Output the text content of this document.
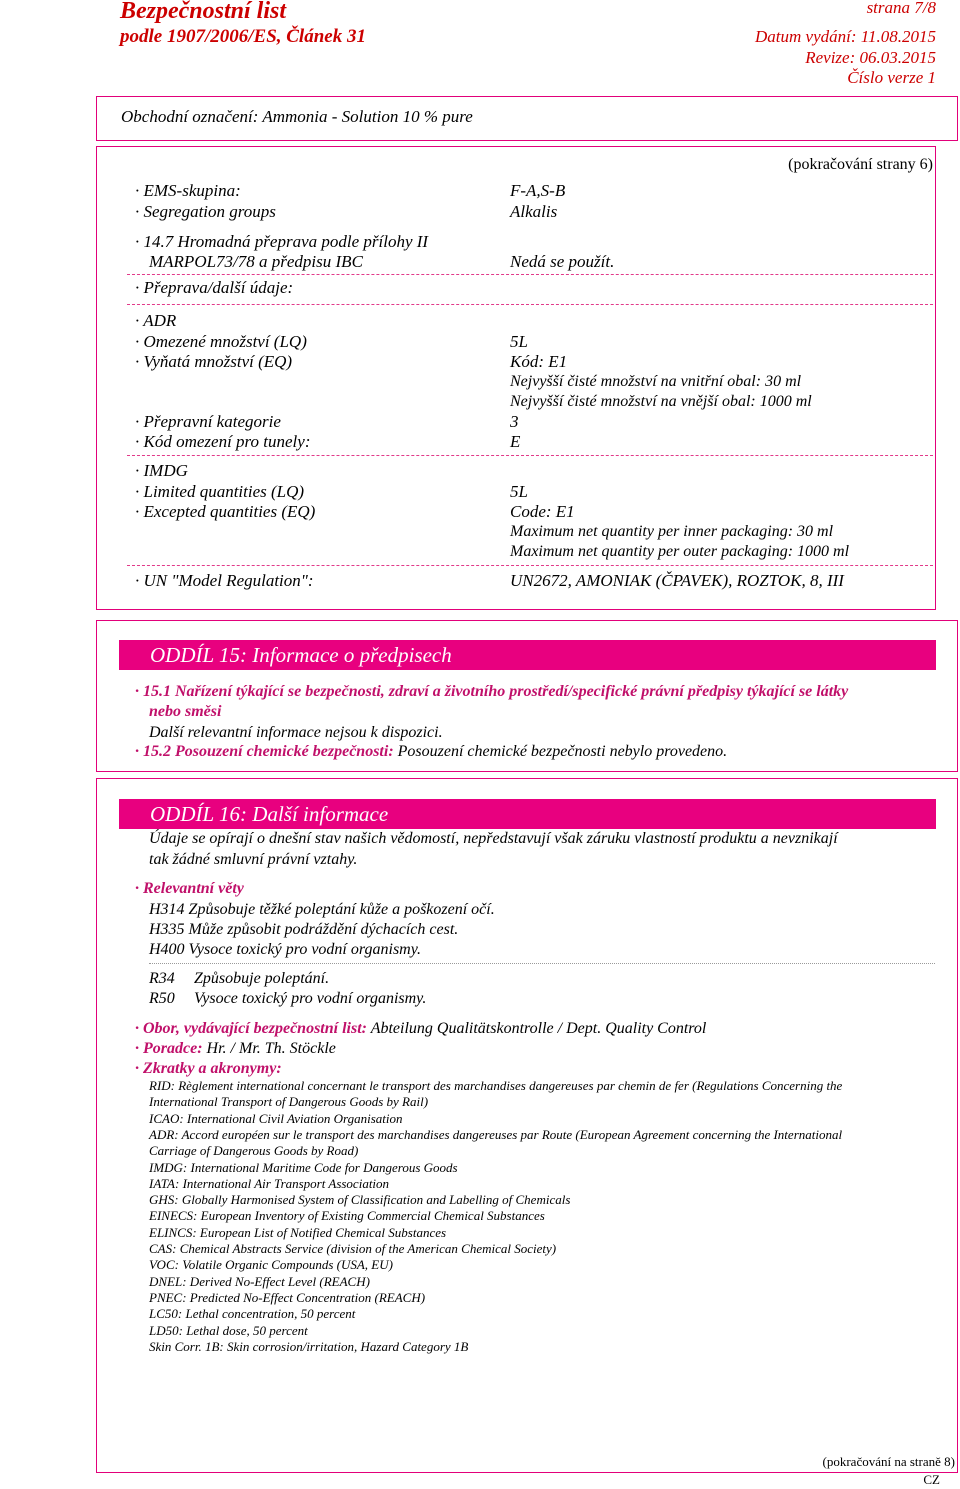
Bezpečnostní list
podle 1907/2006/ES, Článek 31
strana 7/8
Datum vydání: 11.08.2015
Revize: 06.03.2015
Číslo verze 1
Obchodní označení: Ammonia - Solution 10 % pure
(pokračování strany 6)
· EMS-skupina:	F-A,S-B
· Segregation groups	Alkalis
· 14.7 Hromadná přeprava podle přílohy II
MARPOL73/78 a předpisu IBC	Nedá se použít.
· Přeprava/další údaje:
· ADR
· Omezené množství (LQ)	5L
· Vyňatá množství (EQ)	Kód: E1
Nejvyšší čisté množství na vnitřní obal: 30 ml
Nejvyšší čisté množství na vnější obal: 1000 ml
· Přepravní kategorie	3
· Kód omezení pro tunely:	E
· IMDG
· Limited quantities (LQ)	5L
· Excepted quantities (EQ)	Code: E1
Maximum net quantity per inner packaging: 30 ml
Maximum net quantity per outer packaging: 1000 ml
· UN "Model Regulation":	UN2672, AMONIAK (ČPAVEK), ROZTOK, 8, III
ODDÍL 15: Informace o předpisech
· 15.1 Nařízení týkající se bezpečnosti, zdraví a životního prostředí/specifické právní předpisy týkající se látky
nebo směsi
Další relevantní informace nejsou k dispozici.
· 15.2 Posouzení chemické bezpečnosti: Posouzení chemické bezpečnosti nebylo provedeno.
ODDÍL 16: Další informace
Údaje se opírají o dnešní stav našich vědomostí, nepředstavují však záruku vlastností produktu a nevznikají
tak žádné smluvní právní vztahy.
· Relevantní věty
H314 Způsobuje těžké poleptání kůže a poškození očí.
H335 Může způsobit podráždění dýchacích cest.
H400 Vysoce toxický pro vodní organismy.
R34 Způsobuje poleptání.
R50 Vysoce toxický pro vodní organismy.
· Obor, vydávající bezpečnostní list: Abteilung Qualitätskontrolle / Dept. Quality Control
· Poradce: Hr. / Mr. Th. Stöckle
· Zkratky a akronymy:
RID: Règlement international concernant le transport des marchandises dangereuses par chemin de fer (Regulations Concerning the
International Transport of Dangerous Goods by Rail)
ICAO: International Civil Aviation Organisation
ADR: Accord européen sur le transport des marchandises dangereuses par Route (European Agreement concerning the International
Carriage of Dangerous Goods by Road)
IMDG: International Maritime Code for Dangerous Goods
IATA: International Air Transport Association
GHS: Globally Harmonised System of Classification and Labelling of Chemicals
EINECS: European Inventory of Existing Commercial Chemical Substances
ELINCS: European List of Notified Chemical Substances
CAS: Chemical Abstracts Service (division of the American Chemical Society)
VOC: Volatile Organic Compounds (USA, EU)
DNEL: Derived No-Effect Level (REACH)
PNEC: Predicted No-Effect Concentration (REACH)
LC50: Lethal concentration, 50 percent
LD50: Lethal dose, 50 percent
Skin Corr. 1B: Skin corrosion/irritation, Hazard Category 1B
(pokračování na straně 8)
CZ
